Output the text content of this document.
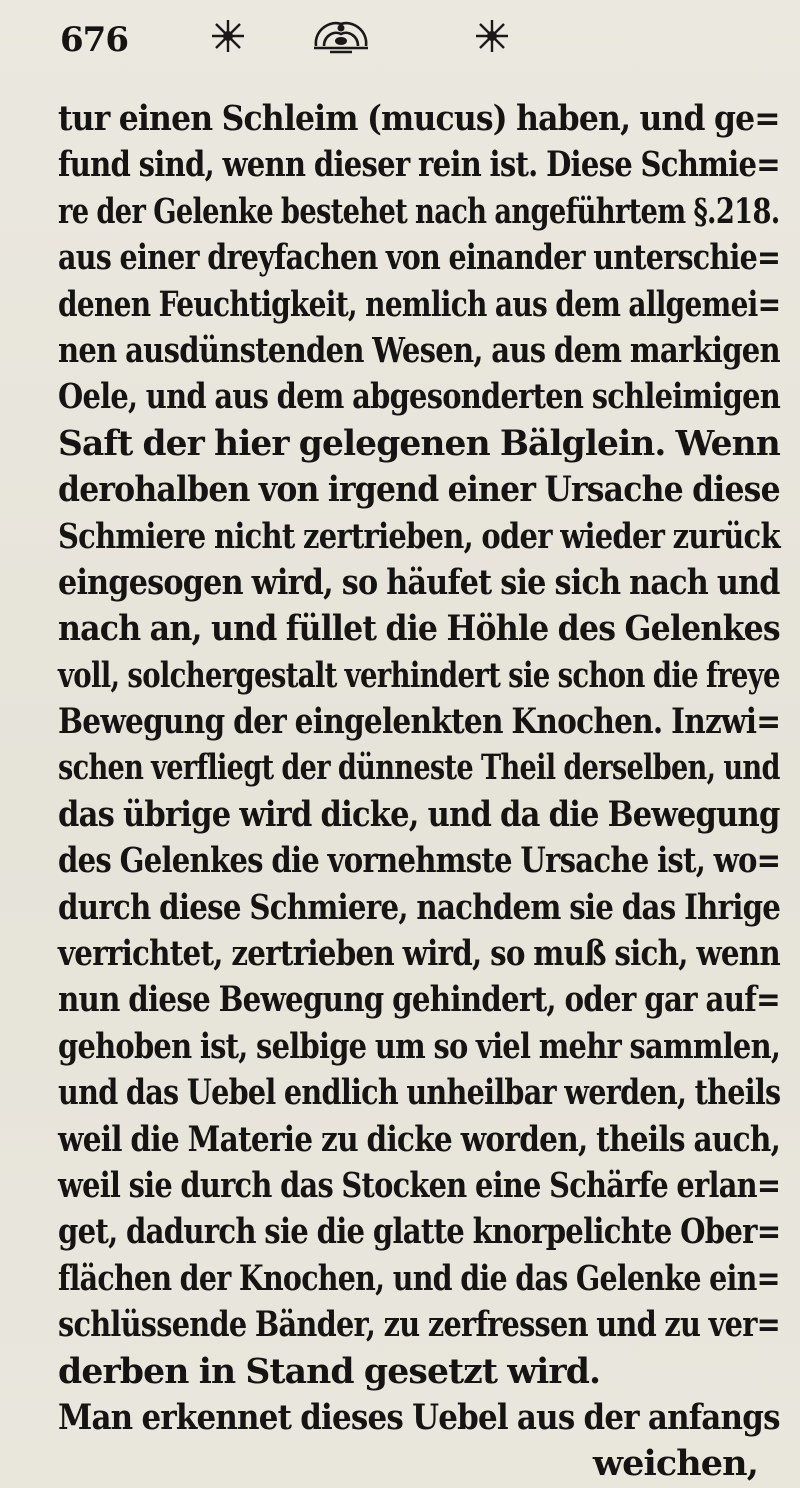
676
tur einen Schleim (mucus) haben, und ge=
fund sind, wenn dieser rein ist. Diese Schmie=
re der Gelenke bestehet nach angeführtem §.218.
aus einer dreyfachen von einander unterschie=
denen Feuchtigkeit, nemlich aus dem allgemei=
nen ausdünstenden Wesen, aus dem markigen
Oele, und aus dem abgesonderten schleimigen
Saft der hier gelegenen Bälglein. Wenn
derohalben von irgend einer Ursache diese
Schmiere nicht zertrieben, oder wieder zurück
eingesogen wird, so häufet sie sich nach und
nach an, und füllet die Höhle des Gelenkes
voll, solchergestalt verhindert sie schon die freye
Bewegung der eingelenkten Knochen. Inzwi=
schen verfliegt der dünneste Theil derselben, und
das übrige wird dicke, und da die Bewegung
des Gelenkes die vornehmste Ursache ist, wo=
durch diese Schmiere, nachdem sie das Ihrige
verrichtet, zertrieben wird, so muß sich, wenn
nun diese Bewegung gehindert, oder gar auf=
gehoben ist, selbige um so viel mehr sammlen,
und das Uebel endlich unheilbar werden, theils
weil die Materie zu dicke worden, theils auch,
weil sie durch das Stocken eine Schärfe erlan=
get, dadurch sie die glatte knorpelichte Ober=
flächen der Knochen, und die das Gelenke ein=
schlüssende Bänder, zu zerfressen und zu ver=
derben in Stand gesetzt wird.
Man erkennet dieses Uebel aus der anfangs
weichen,
